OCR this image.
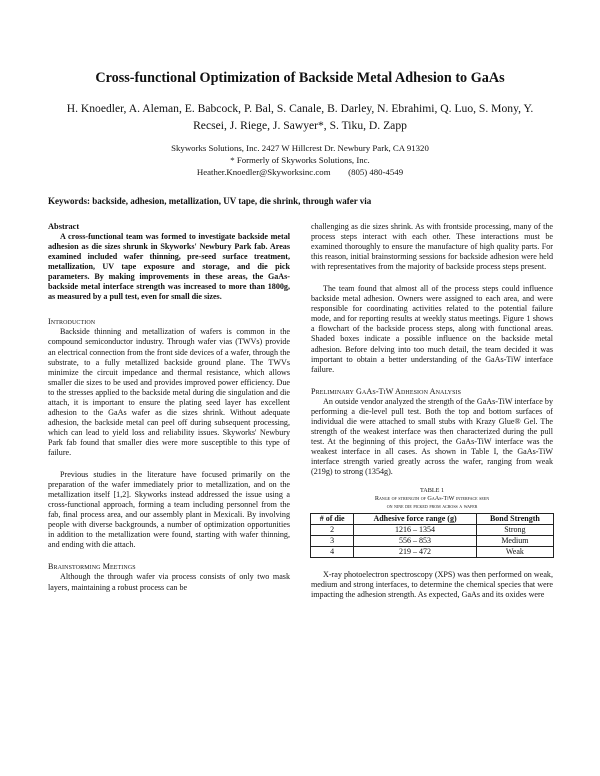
Cross-functional Optimization of Backside Metal Adhesion to GaAs
H. Knoedler, A. Aleman, E. Babcock, P. Bal, S. Canale, B. Darley, N. Ebrahimi, Q. Luo, S. Mony, Y. Recsei, J. Riege, J. Sawyer*, S. Tiku, D. Zapp
Skyworks Solutions, Inc. 2427 W Hillcrest Dr. Newbury Park, CA 91320
* Formerly of Skyworks Solutions, Inc.
Heather.Knoedler@Skyworksinc.com        (805) 480-4549
Keywords: backside, adhesion, metallization, UV tape, die shrink, through wafer via

Abstract

A cross-functional team was formed to investigate backside metal adhesion as die sizes shrunk in Skyworks' Newbury Park fab. Areas examined included wafer thinning, pre-seed surface treatment, metallization, UV tape exposure and storage, and die pick parameters. By making improvements in these areas, the GaAs-backside metal interface strength was increased to more than 1800g, as measured by a pull test, even for small die sizes.

Introduction

Backside thinning and metallization of wafers is common in the compound semiconductor industry. Through wafer vias (TWVs) provide an electrical connection from the front side devices of a wafer, through the substrate, to a fully metallized backside ground plane. The TWVs minimize the circuit impedance and thermal resistance, which allows smaller die sizes to be used and provides improved power efficiency. Due to the stresses applied to the backside metal during die singulation and die attach, it is important to ensure the plating seed layer has excellent adhesion to the GaAs wafer as die sizes shrink. Without adequate adhesion, the backside metal can peel off during subsequent processing, which can lead to yield loss and reliability issues. Skyworks' Newbury Park fab found that smaller dies were more susceptible to this type of failure.

Previous studies in the literature have focused primarily on the preparation of the wafer immediately prior to metallization, and on the metallization itself [1,2]. Skyworks instead addressed the issue using a cross-functional approach, forming a team including personnel from the fab, final process area, and our assembly plant in Mexicali. By involving people with diverse backgrounds, a number of optimization opportunities in addition to the metallization were found, starting with wafer thinning, and ending with die attach.

Brainstorming Meetings

Although the through wafer via process consists of only two mask layers, maintaining a robust process can be

challenging as die sizes shrink. As with frontside processing, many of the process steps interact with each other. These interactions must be examined thoroughly to ensure the manufacture of high quality parts. For this reason, initial brainstorming sessions for backside adhesion were held with representatives from the majority of backside process steps present.

The team found that almost all of the process steps could influence backside metal adhesion. Owners were assigned to each area, and were responsible for coordinating activities related to the potential failure mode, and for reporting results at weekly status meetings. Figure 1 shows a flowchart of the backside process steps, along with functional areas. Shaded boxes indicate a possible influence on the backside metal adhesion. Before delving into too much detail, the team decided it was important to obtain a better understanding of the GaAs-TiW interface failure.

Preliminary GaAs-TiW Adhesion Analysis

An outside vendor analyzed the strength of the GaAs-TiW interface by performing a die-level pull test. Both the top and bottom surfaces of individual die were attached to small stubs with Krazy Glue® Gel. The strength of the weakest interface was then characterized during the pull test. At the beginning of this project, the GaAs-TiW interface was the weakest interface in all cases. As shown in Table I, the GaAs-TiW interface strength varied greatly across the wafer, ranging from weak (219g) to strong (1354g).

TABLE 1
Range of strength of GaAs-TiW interface seen
on nine die picked from across a wafer

# of die	Adhesive force range (g)	Bond Strength
2	1216 – 1354	Strong
3	556 – 853	Medium
4	219 – 472	Weak

X-ray photoelectron spectroscopy (XPS) was then performed on weak, medium and strong interfaces, to determine the chemical species that were impacting the adhesion strength. As expected, GaAs and its oxides were
